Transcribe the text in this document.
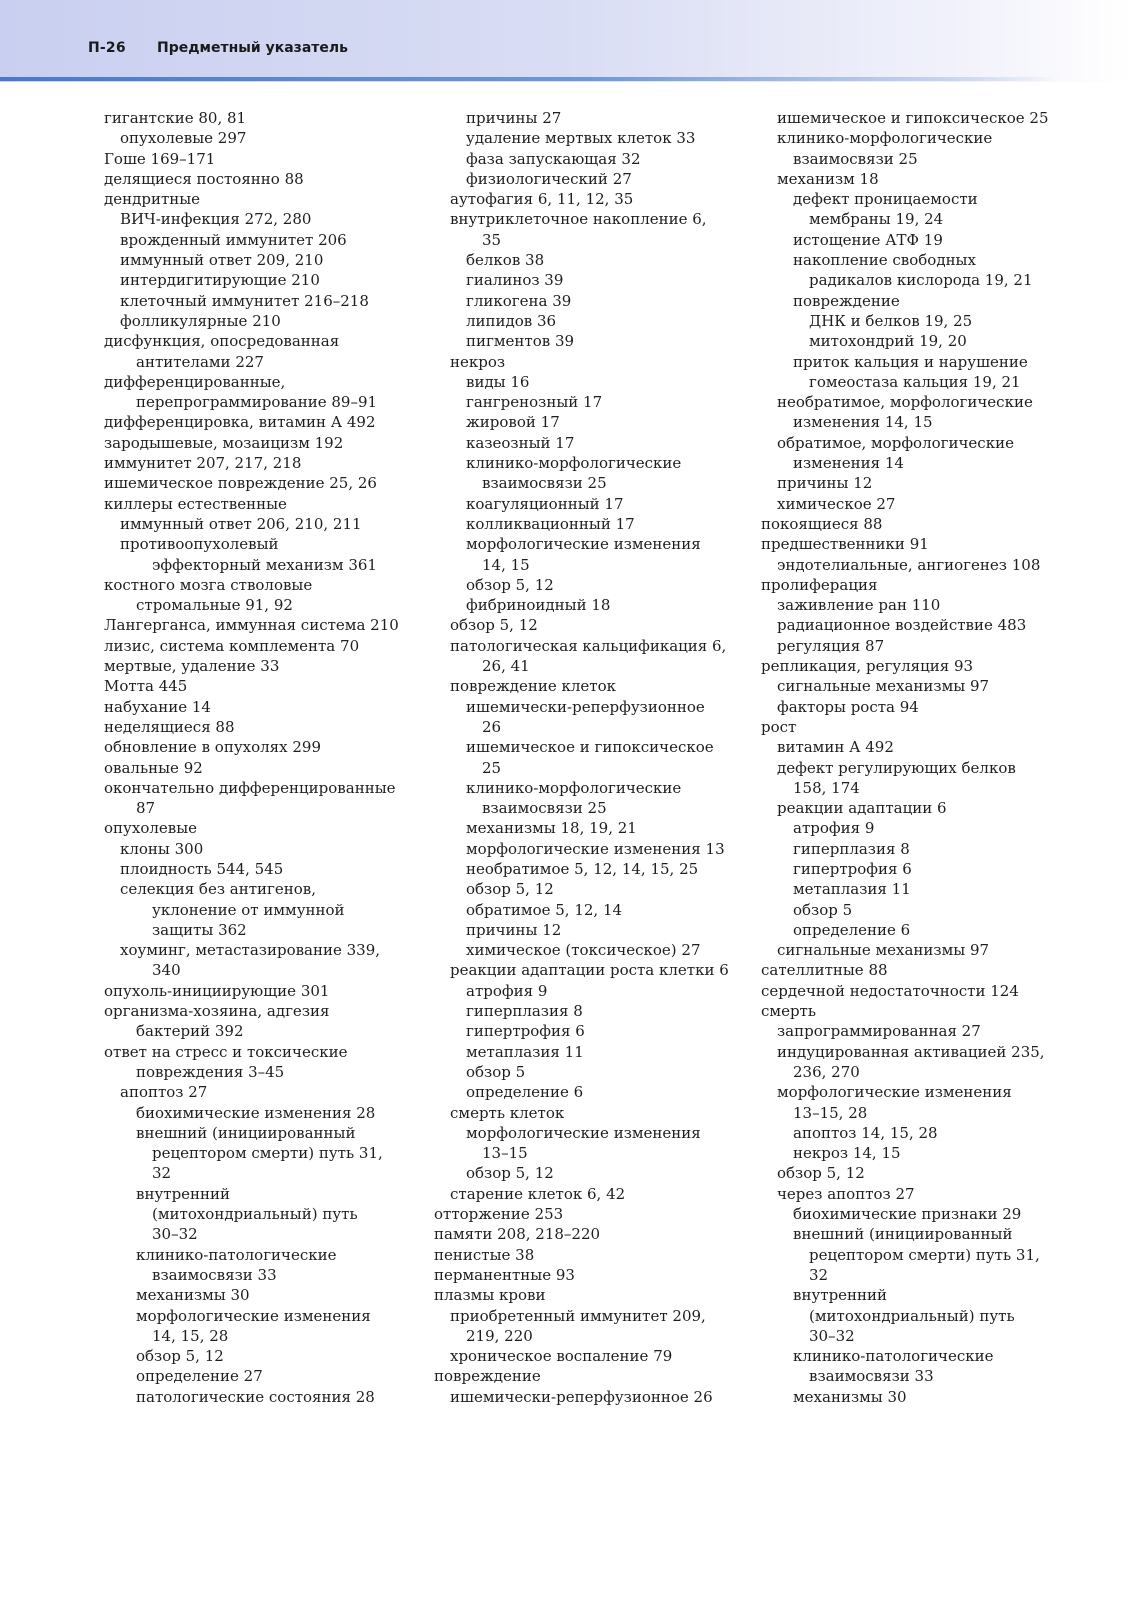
П-26 Предметный указатель
гигантские 80, 81
опухолевые 297
Гоше 169–171
делящиеся постоянно 88
дендритные
ВИЧ-инфекция 272, 280
врожденный иммунитет 206
иммунный ответ 209, 210
интердигитирующие 210
клеточный иммунитет 216–218
фолликулярные 210
дисфункция, опосредованная
антителами 227
дифференцированные,
перепрограммирование 89–91
дифференцировка, витамин А 492
зародышевые, мозаицизм 192
иммунитет 207, 217, 218
ишемическое повреждение 25, 26
киллеры естественные
иммунный ответ 206, 210, 211
противоопухолевый
эффекторный механизм 361
костного мозга стволовые
стромальные 91, 92
Лангерганса, иммунная система 210
лизис, система комплемента 70
мертвые, удаление 33
Мотта 445
набухание 14
неделящиеся 88
обновление в опухолях 299
овальные 92
окончательно дифференцированные
87
опухолевые
клоны 300
плоидность 544, 545
селекция без антигенов,
уклонение от иммунной
защиты 362
хоуминг, метастазирование 339,
340
опухоль-инициирующие 301
организма-хозяина, адгезия
бактерий 392
ответ на стресс и токсические
повреждения 3–45
апоптоз 27
биохимические изменения 28
внешний (инициированный
рецептором смерти) путь 31,
32
внутренний
(митохондриальный) путь
30–32
клинико-патологические
взаимосвязи 33
механизмы 30
морфологические изменения
14, 15, 28
обзор 5, 12
определение 27
патологические состояния 28
причины 27
удаление мертвых клеток 33
фаза запускающая 32
физиологический 27
аутофагия 6, 11, 12, 35
внутриклеточное накопление 6,
35
белков 38
гиалиноз 39
гликогена 39
липидов 36
пигментов 39
некроз
виды 16
гангренозный 17
жировой 17
казеозный 17
клинико-морфологические
взаимосвязи 25
коагуляционный 17
колликвационный 17
морфологические изменения
14, 15
обзор 5, 12
фибриноидный 18
обзор 5, 12
патологическая кальцификация 6,
26, 41
повреждение клеток
ишемически-реперфузионное
26
ишемическое и гипоксическое
25
клинико-морфологические
взаимосвязи 25
механизмы 18, 19, 21
морфологические изменения 13
необратимое 5, 12, 14, 15, 25
обзор 5, 12
обратимое 5, 12, 14
причины 12
химическое (токсическое) 27
реакции адаптации роста клетки 6
атрофия 9
гиперплазия 8
гипертрофия 6
метаплазия 11
обзор 5
определение 6
смерть клеток
морфологические изменения
13–15
обзор 5, 12
старение клеток 6, 42
отторжение 253
памяти 208, 218–220
пенистые 38
перманентные 93
плазмы крови
приобретенный иммунитет 209,
219, 220
хроническое воспаление 79
повреждение
ишемически-реперфузионное 26
ишемическое и гипоксическое 25
клинико-морфологические
взаимосвязи 25
механизм 18
дефект проницаемости
мембраны 19, 24
истощение АТФ 19
накопление свободных
радикалов кислорода 19, 21
повреждение
ДНК и белков 19, 25
митохондрий 19, 20
приток кальция и нарушение
гомеостаза кальция 19, 21
необратимое, морфологические
изменения 14, 15
обратимое, морфологические
изменения 14
причины 12
химическое 27
покоящиеся 88
предшественники 91
эндотелиальные, ангиогенез 108
пролиферация
заживление ран 110
радиационное воздействие 483
регуляция 87
репликация, регуляция 93
сигнальные механизмы 97
факторы роста 94
рост
витамин А 492
дефект регулирующих белков
158, 174
реакции адаптации 6
атрофия 9
гиперплазия 8
гипертрофия 6
метаплазия 11
обзор 5
определение 6
сигнальные механизмы 97
сателлитные 88
сердечной недостаточности 124
смерть
запрограммированная 27
индуцированная активацией 235,
236, 270
морфологические изменения
13–15, 28
апоптоз 14, 15, 28
некроз 14, 15
обзор 5, 12
через апоптоз 27
биохимические признаки 29
внешний (инициированный
рецептором смерти) путь 31,
32
внутренний
(митохондриальный) путь
30–32
клинико-патологические
взаимосвязи 33
механизмы 30
